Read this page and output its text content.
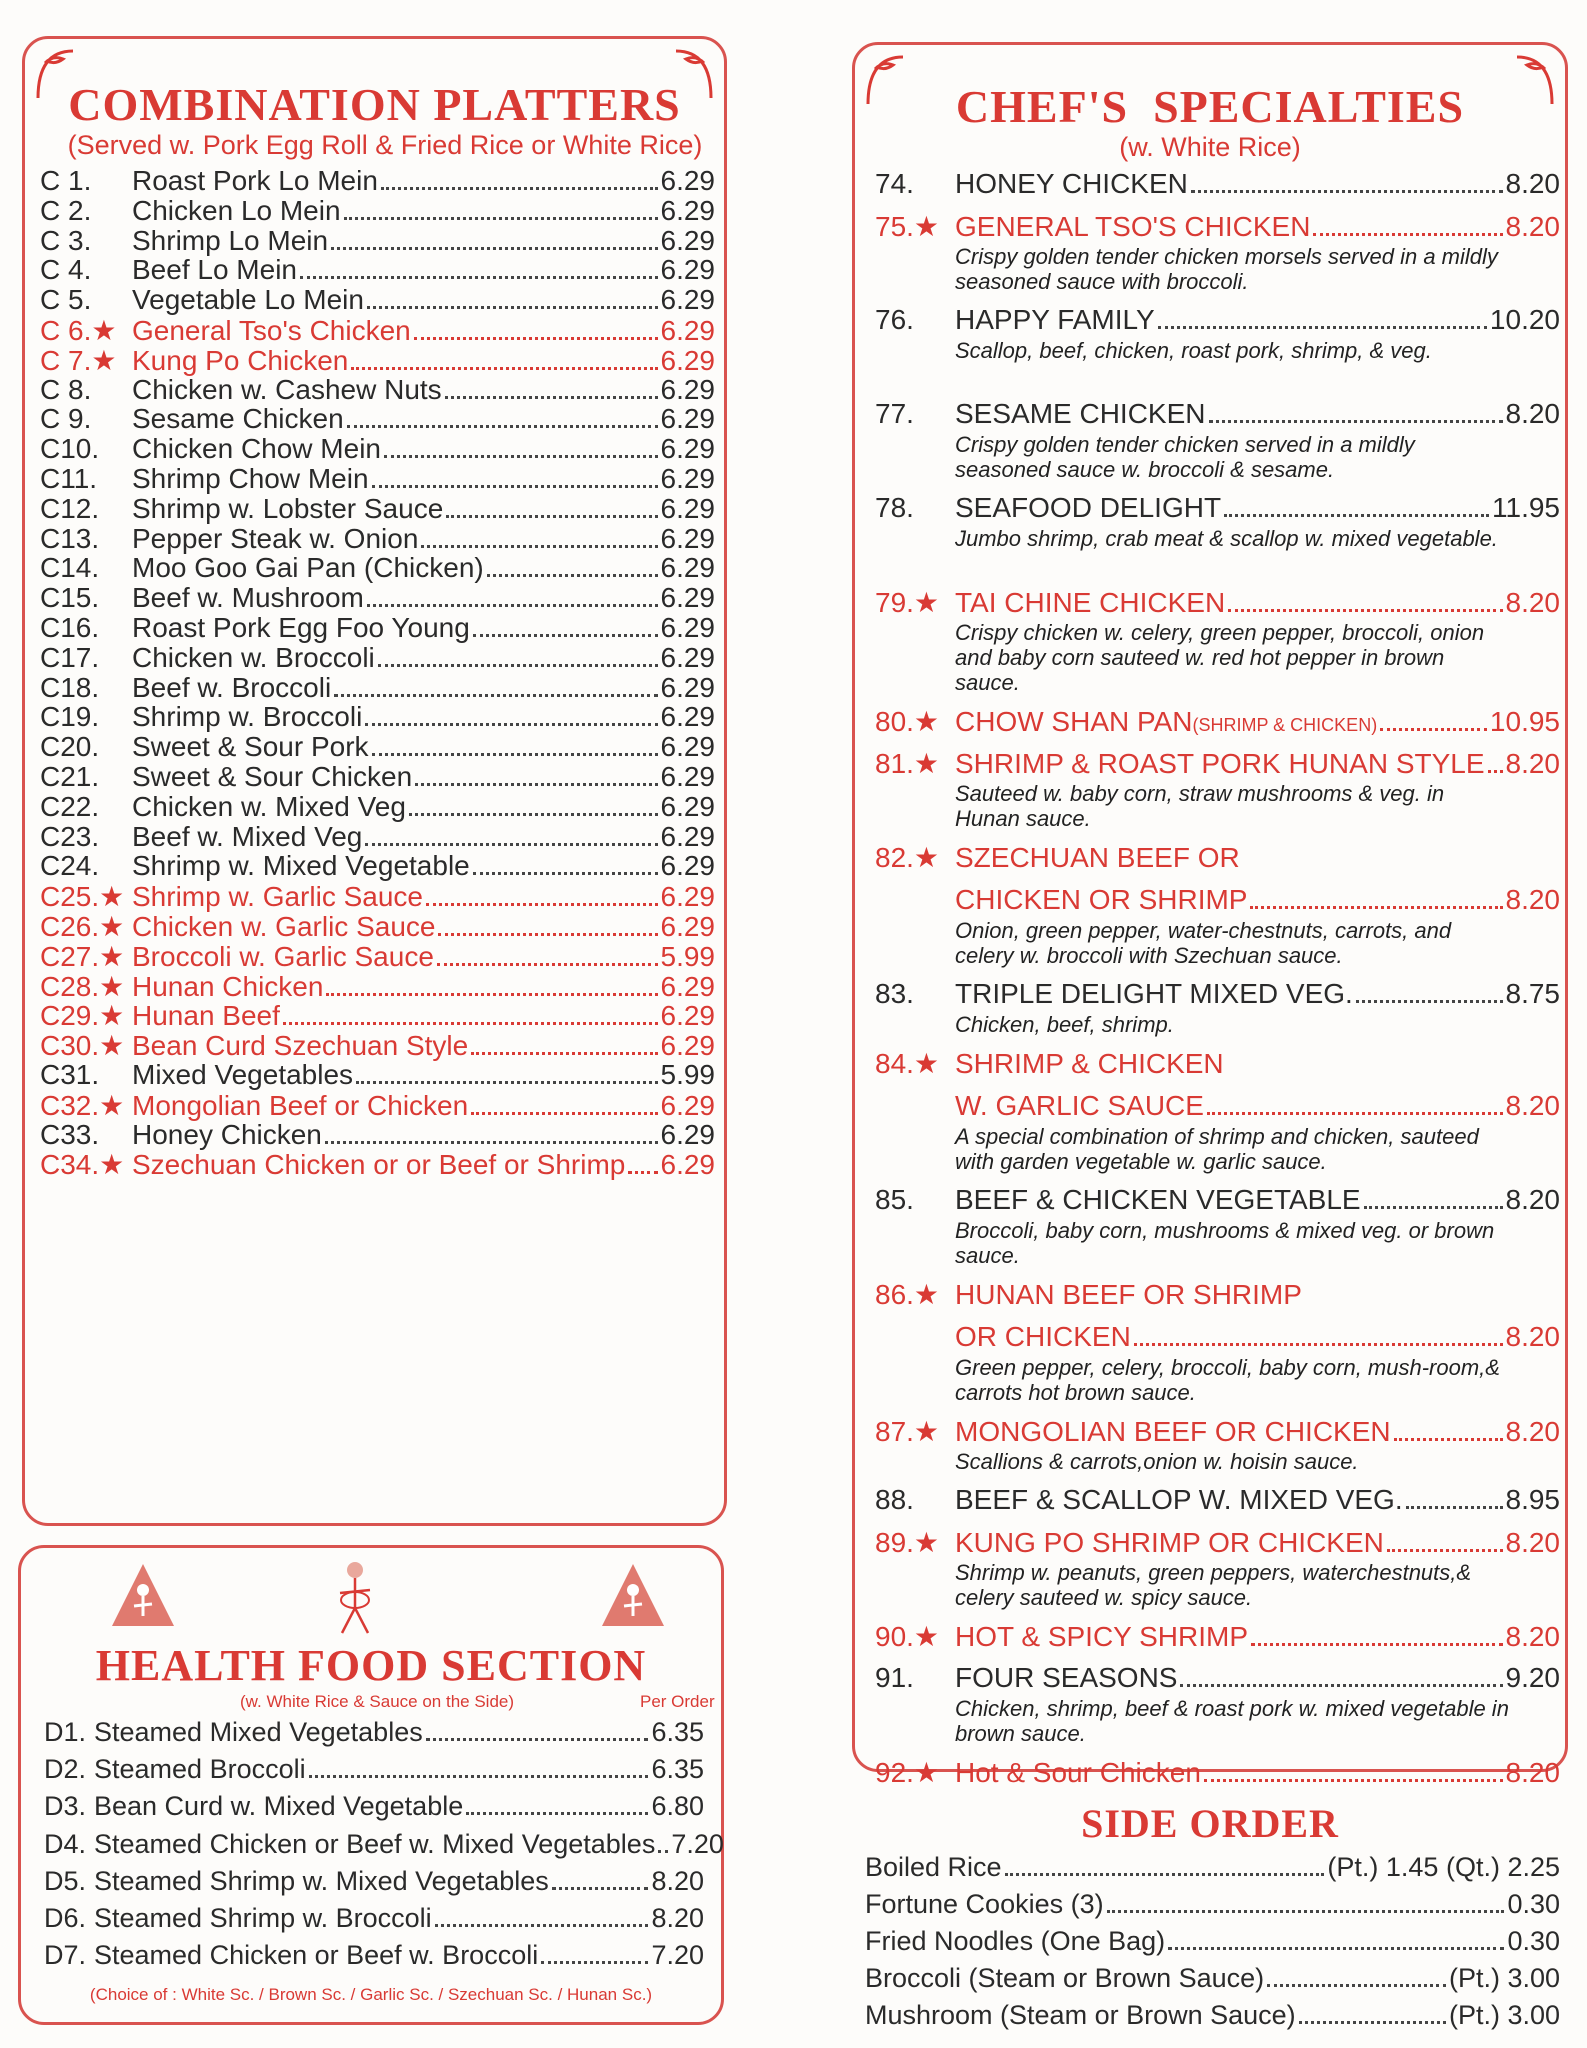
COMBINATION PLATTERS
(Served w. Pork Egg Roll & Fried Rice or White Rice)
C 1.	Roast Pork Lo Mein	6.29
C 2.	Chicken Lo Mein	6.29
C 3.	Shrimp Lo Mein	6.29
C 4.	Beef Lo Mein	6.29
C 5.	Vegetable Lo Mein	6.29
C 6.★ General Tso's Chicken	6.29
C 7.★ Kung Po Chicken	6.29
C 8.	Chicken w. Cashew Nuts	6.29
C 9.	Sesame Chicken	6.29
C10.	Chicken Chow Mein	6.29
C11.	Shrimp Chow Mein	6.29
C12.	Shrimp w. Lobster Sauce	6.29
C13.	Pepper Steak w. Onion	6.29
C14.	Moo Goo Gai Pan (Chicken)	6.29
C15.	Beef w. Mushroom	6.29
C16.	Roast Pork Egg Foo Young	6.29
C17.	Chicken w. Broccoli	6.29
C18.	Beef w. Broccoli	6.29
C19.	Shrimp w. Broccoli	6.29
C20.	Sweet & Sour Pork	6.29
C21.	Sweet & Sour Chicken	6.29
C22.	Chicken w. Mixed Veg	6.29
C23.	Beef w. Mixed Veg	6.29
C24.	Shrimp w. Mixed Vegetable	6.29
C25.★ Shrimp w. Garlic Sauce	6.29
C26.★ Chicken w. Garlic Sauce	6.29
C27.★ Broccoli w. Garlic Sauce	5.99
C28.★ Hunan Chicken	6.29
C29.★ Hunan Beef	6.29
C30.★ Bean Curd Szechuan Style	6.29
C31.	Mixed Vegetables	5.99
C32.★ Mongolian Beef or Chicken	6.29
C33.	Honey Chicken	6.29
C34.★ Szechuan Chicken or or Beef or Shrimp 6.29
HEALTH FOOD SECTION
(w. White Rice & Sauce on the Side)	Per Order
D1. Steamed Mixed Vegetables	6.35
D2. Steamed Broccoli	6.35
D3. Bean Curd w. Mixed Vegetable	6.80
D4. Steamed Chicken or Beef w. Mixed Vegetables 7.20
D5. Steamed Shrimp w. Mixed Vegetables	8.20
D6. Steamed Shrimp w. Broccoli	8.20
D7. Steamed Chicken or Beef w. Broccoli	7.20
(Choice of : White Sc. / Brown Sc. / Garlic Sc. / Szechuan Sc. / Hunan Sc.)
CHEF'S  SPECIALTIES
(w. White Rice)
74.	HONEY CHICKEN	8.20
75.★ GENERAL TSO'S CHICKEN	8.20
Crispy golden tender chicken morsels served in a mildly seasoned sauce with broccoli.
76.	HAPPY FAMILY	10.20
Scallop, beef, chicken, roast pork, shrimp, & veg.
77.	SESAME CHICKEN	8.20
Crispy golden tender chicken served in a mildly seasoned sauce w. broccoli & sesame.
78.	SEAFOOD DELIGHT	11.95
Jumbo shrimp, crab meat & scallop w. mixed vegetable.
79.★ TAI CHINE CHICKEN	8.20
Crispy chicken w. celery, green pepper, broccoli, onion and baby corn sauteed w. red hot pepper in brown sauce.
80.★ CHOW SHAN PAN (SHRIMP & CHICKEN)	10.95
81.★ SHRIMP & ROAST PORK HUNAN STYLE 8.20
Sauteed w. baby corn, straw mushrooms & veg. in Hunan sauce.
82.★ SZECHUAN BEEF OR
CHICKEN OR SHRIMP	8.20
Onion, green pepper, water-chestnuts, carrots, and celery w. broccoli with Szechuan sauce.
83.	TRIPLE DELIGHT MIXED VEG.	8.75
Chicken, beef, shrimp.
84.★ SHRIMP & CHICKEN
W. GARLIC SAUCE	8.20
A special combination of shrimp and chicken, sauteed with garden vegetable w. garlic sauce.
85.	BEEF & CHICKEN VEGETABLE	8.20
Broccoli, baby corn, mushrooms & mixed veg. or brown sauce.
86.★ HUNAN BEEF OR SHRIMP
OR CHICKEN	8.20
Green pepper, celery, broccoli, baby corn, mush-room,& carrots hot brown sauce.
87.★ MONGOLIAN BEEF OR CHICKEN	8.20
Scallions & carrots,onion w. hoisin sauce.
88.	BEEF & SCALLOP W. MIXED VEG.	8.95
89.★ KUNG PO SHRIMP OR CHICKEN	8.20
Shrimp w. peanuts, green peppers, waterchestnuts,& celery sauteed w. spicy sauce.
90.★ HOT & SPICY SHRIMP	8.20
91.	FOUR SEASONS	9.20
Chicken, shrimp, beef & roast pork w. mixed vegetable in brown sauce.
92.★ Hot & Sour Chicken	8.20
SIDE ORDER
Boiled Rice	(Pt.) 1.45 (Qt.) 2.25
Fortune Cookies (3)	0.30
Fried Noodles (One Bag)	0.30
Broccoli (Steam or Brown Sauce)	(Pt.) 3.00
Mushroom (Steam or Brown Sauce)	(Pt.) 3.00
